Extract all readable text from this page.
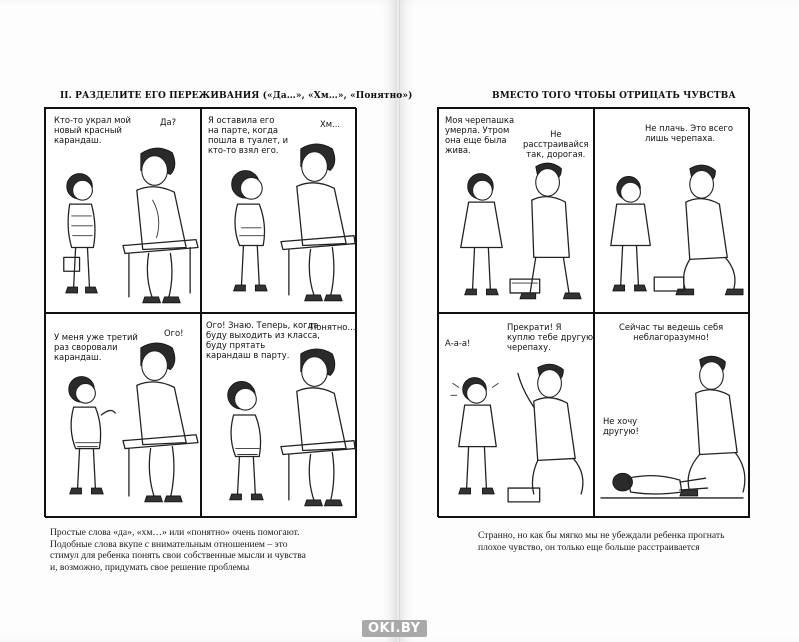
II. РАЗДЕЛИТЕ ЕГО ПЕРЕЖИВАНИЯ («Да…», «Хм…», «Понятно»)
Кто-то украл мой
новый красный
карандаш.
Да?	Я оставила его
на парте, когда
пошла в туалет, и
кто-то взял его.
Хм...
У меня уже третий
раз своровали
карандаш.
Ого!
Ого! Знаю. Теперь, когда
буду выходить из класса,
буду прятать
карандаш в парту.
Понятно...
Простые слова «да», «хм…» или «понятно» очень помогают.
Подобные слова вкупе с внимательным отношением – это
стимул для ребенка понять свои собственные мысли и чувства
и, возможно, придумать свое решение проблемы
ВМЕСТО ТОГО ЧТОБЫ ОТРИЦАТЬ ЧУВСТВА
Моя черепашка
умерла. Утром
она еще была
жива.
Не
расстраивайся
так, дорогая.
Не плачь. Это всего
лишь черепаха.
А-а-а!
Прекрати! Я
куплю тебе другую
черепаху.
Сейчас ты ведешь себя
неблагоразумно!
Не хочу
другую!
Странно, но как бы мягко мы не убеждали ребенка прогнать
плохое чувство, он только еще больше расстраивается
OKI.BY
